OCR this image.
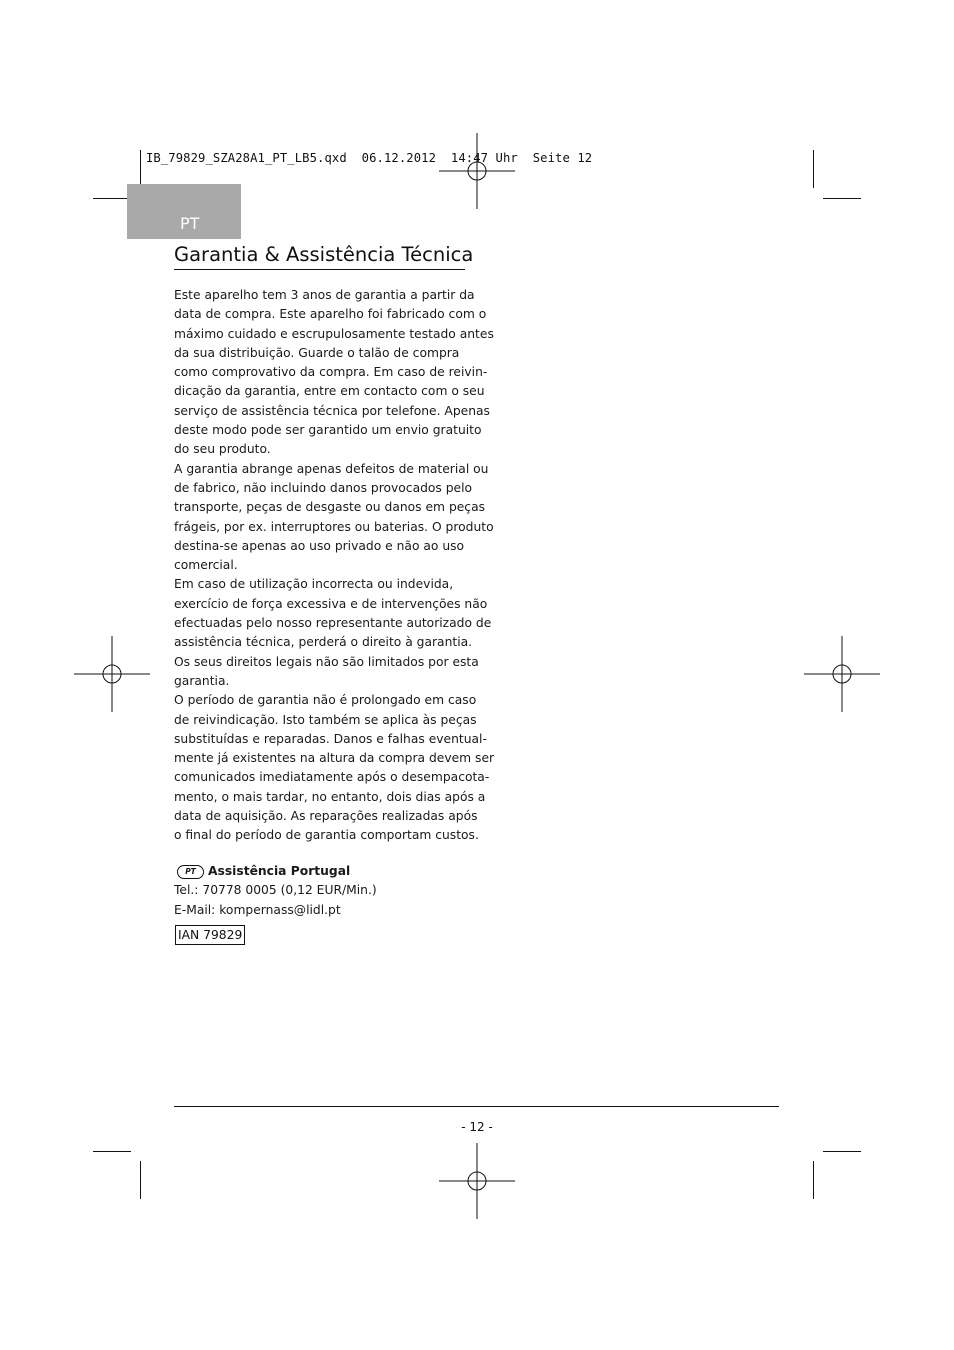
IB_79829_SZA28A1_PT_LB5.qxd  06.12.2012  14:47 Uhr  Seite 12
PT
Garantia & Assistência Técnica

Este aparelho tem 3 anos de garantia a partir da

data de compra. Este aparelho foi fabricado com o

máximo cuidado e escrupulosamente testado antes

da sua distribuição. Guarde o talão de compra

como comprovativo da compra. Em caso de reivin-

dicação da garantia, entre em contacto com o seu

serviço de assistência técnica por telefone. Apenas

deste modo pode ser garantido um envio gratuito

do seu produto.

A garantia abrange apenas defeitos de material ou

de fabrico, não incluindo danos provocados pelo

transporte, peças de desgaste ou danos em peças

frágeis, por ex. interruptores ou baterias. O produto

destina-se apenas ao uso privado e não ao uso

comercial.

Em caso de utilização incorrecta ou indevida,

exercício de força excessiva e de intervenções não

efectuadas pelo nosso representante autorizado de

assistência técnica, perderá o direito à garantia.

Os seus direitos legais não são limitados por esta

garantia.

O período de garantia não é prolongado em caso

de reivindicação. Isto também se aplica às peças

substituídas e reparadas. Danos e falhas eventual-

mente já existentes na altura da compra devem ser

comunicados imediatamente após o desempacota-

mento, o mais tardar, no entanto, dois dias após a

data de aquisição. As reparações realizadas após

o final do período de garantia comportam custos.

PT Assistência Portugal
Tel.: 70778 0005 (0,12 EUR/Min.)
E-Mail: kompernass@lidl.pt
IAN 79829
- 12 -
